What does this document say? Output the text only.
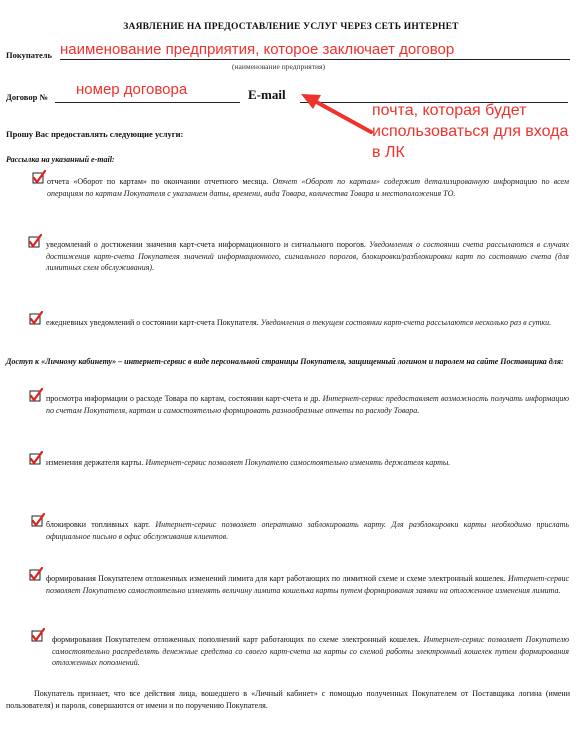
ЗАЯВЛЕНИЕ НА ПРЕДОСТАВЛЕНИЕ УСЛУГ ЧЕРЕЗ СЕТЬ ИНТЕРНЕТ
Покупатель наименование предприятия, которое заключает договор
(наименование предприятия)
Договор № номер договора	E-mail
почта, которая будет использоваться для входа в ЛК
Прошу Вас предоставлять следующие услуги:
Рассылка на указанный e-mail:
отчета «Оборот по картам» по окончании отчетного месяца. Отчет «Оборот по картам» содержит детализированную информацию по всем операциям по картам Покупателя с указанием даты, времени, вида Товара, количества Товара и местоположения ТО.
уведомлений о достижении значения карт-счета информационного и сигнального порогов. Уведомления о состоянии счета рассылаются в случаях достижения карт-счета Покупателя значений информационного, сигнального порогов, блокировки/разблокировки карт по состоянию счета (для лимитных схем обслуживания).
ежедневных уведомлений о состоянии карт-счета Покупателя. Уведомления о текущем состоянии карт-счета рассылаются несколько раз в сутки.
Доступ к «Личному кабинету» – интернет-сервис в виде персональной страницы Покупателя, защищенный логином и паролем на сайте Поставщика для:
просмотра информации о расходе Товара по картам, состоянии карт-счета и др. Интернет-сервис предоставляет возможность получать информацию по счетам Покупателя, картам и самостоятельно формировать разнообразные отчеты по расходу Товара.
изменения держателя карты. Интернет-сервис позволяет Покупателю самостоятельно изменять держателя карты.
блокировки топливных карт. Интернет-сервис позволяет оперативно заблокировать карту. Для разблокировки карты необходимо прислать официальное письмо в офис обслуживания клиентов.
формирования Покупателем отложенных изменений лимита для карт работающих по лимитной схеме и схеме электронный кошелек. Интернет-сервис позволяет Покупателю самостоятельно изменять величину лимита кошелька карты путем формирования заявки на отложенное изменения лимита.
формирования Покупателем отложенных пополнений карт работающих по схеме электронный кошелек. Интернет-сервис позволяет Покупателю самостоятельно распределять денежные средства со своего карт-счета на карты со схемой работы электронный кошелек путем формирования отложенных пополнений.
Покупатель признает, что все действия лица, вошедшего в «Личный кабинет» с помощью полученных Покупателем от Поставщика логина (имени пользователя) и пароля, совершаются от имени и по поручению Покупателя.
